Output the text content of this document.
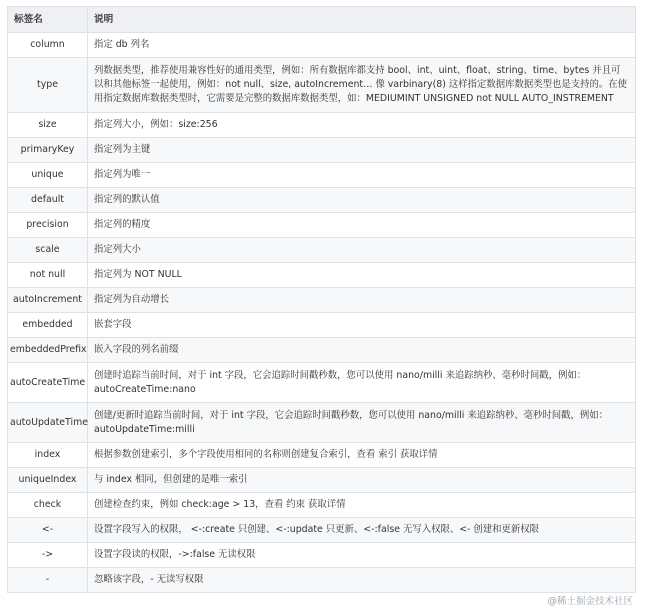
标签名	说明
column	指定 db 列名
type	列数据类型，推荐使用兼容性好的通用类型，例如：所有数据库都支持 bool、int、uint、float、string、time、bytes 并且可以和其他标签一起使用，例如：not null、size, autoIncrement… 像 varbinary(8) 这样指定数据库数据类型也是支持的。在使用指定数据库数据类型时，它需要是完整的数据库数据类型，如：MEDIUMINT UNSIGNED not NULL AUTO_INSTREMENT
size	指定列大小，例如：size:256
primaryKey	指定列为主键
unique	指定列为唯一
default	指定列的默认值
precision	指定列的精度
scale	指定列大小
not null	指定列为 NOT NULL
autoIncrement	指定列为自动增长
embedded	嵌套字段
embeddedPrefix	嵌入字段的列名前缀
autoCreateTime	创建时追踪当前时间，对于 int 字段，它会追踪时间戳秒数，您可以使用 nano/milli 来追踪纳秒、毫秒时间戳，例如：autoCreateTime:nano
autoUpdateTime	创建/更新时追踪当前时间，对于 int 字段，它会追踪时间戳秒数，您可以使用 nano/milli 来追踪纳秒、毫秒时间戳，例如：autoUpdateTime:milli
index	根据参数创建索引，多个字段使用相同的名称则创建复合索引，查看 索引 获取详情
uniqueIndex	与 index 相同，但创建的是唯一索引
check	创建检查约束，例如 check:age > 13，查看 约束 获取详情
<-	设置字段写入的权限， <-:create 只创建、<-:update 只更新、<-:false 无写入权限、<- 创建和更新权限
->	设置字段读的权限，->:false 无读权限
-	忽略该字段，- 无读写权限
@稀土掘金技术社区
